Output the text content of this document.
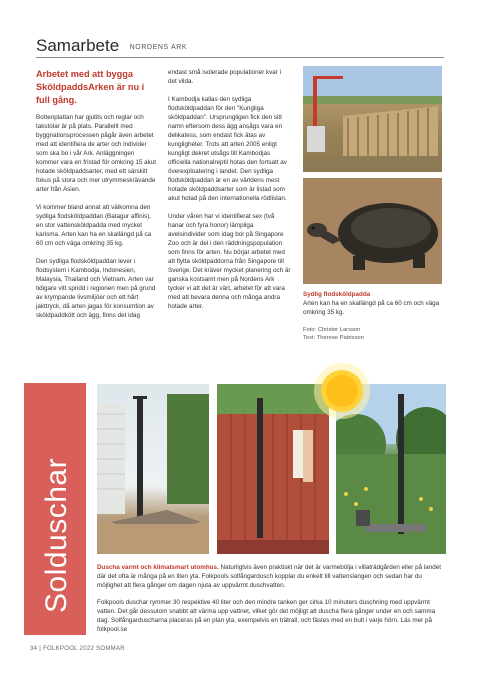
Samarbete $^{NORDENS ARK}$
Arbetet med att bygga SköldpaddsArken är nu i full gång.

Bottenplattan har gjutits och reglar och takstolar är på plats. Parallellt med byggnationsprocessen pågår även arbetet med att identifiera de arter och individer som ska bo i vår Ark. Anläggningen kommer vara en fristad för omkring 15 akut hotade sköldpaddsarter, med ett särskilt fokus på stora och mer utrymmeskrävande arter från Asien.

Vi kommer bland annat att välkomna den sydliga flodsköldpaddan (Batagur affinis), en stor vattensköldpadda med mycket karisma. Arten kan ha en skallängd på ca 60 cm och väga omkring 35 kg.

Den sydliga flodsköldpaddan lever i flodsystem i Kambodja, Indonesien, Malaysia, Thailand och Vietnam. Arten var tidigare vitt spridd i regionen men på grund av krympande livsmiljöer och ett hårt jakttryck, då arten jagas för konsumtion av sköldpaddkött och ägg, finns det idag

endast små isolerade populationer kvar i det vilda.

I Kambodja kallas den sydliga flodsköldpaddan för den "Kungliga sköldpaddan". Ursprungligen fick den sitt namn eftersom dess ägg ansågs vara en delikatess, som endast fick ätas av kungligheter. Trots att arten 2005 enligt kungligt dekret utsågs till Kambodjas officiella nationalreptil hotas den fortsatt av överexploatering i landet. Den sydliga flodsköldpaddan är en av världens mest hotade sköldpaddsarter som är listad som akut hotad på den internationella rödlistan.

Under våren har vi identifierat sex (två hanar och fyra honor) lämpliga avelsindivider som idag bor på Singapore Zoo och är del i den räddningspopulation som finns för arten. Nu börjar arbetet med att flytta sköldpaddorna från Singapore till Sverige. Det kräver mycket planering och är ganska kostsamt men på Nordens Ark tycker vi att det är värt, arbetet för att vara med att bevara denna och många andra hotade arter.

Sydlig flodsköldpadda
Arten kan ha en skallängd på ca 60 cm och väga omkring 35 kg.
Foto: Christer Larsson
Text: Therese Patrixson
Solduschar	Duscha varmt och klimatsmart utomhus. Naturligtvis även praktiskt när det är varmebölja i villaträdgården eller på landet där det ofta är många på en liten yta. Folkpools solfångardusch kopplar du enkelt till vattenslangen och sedan har du möjlighet att flera gånger om dagen njuta av uppvärmt duschvatten.

Folkpools duschar rymmer 30 respektive 40 liter och den mindre tanken ger cirka 10 minuters duschning med uppvärmt vatten. Det går dessutom snabbt att värma upp vattnet, vilket gör det möjligt att duscha flera gånger under en och samma dag. Solfångarduscharna placeras på en plan yta, exempelvis en trätrall, och fästes med en bult i varje hörn. Läs mer på folkpool.se

34 | FOLKPOOL 2022 SOMMAR
